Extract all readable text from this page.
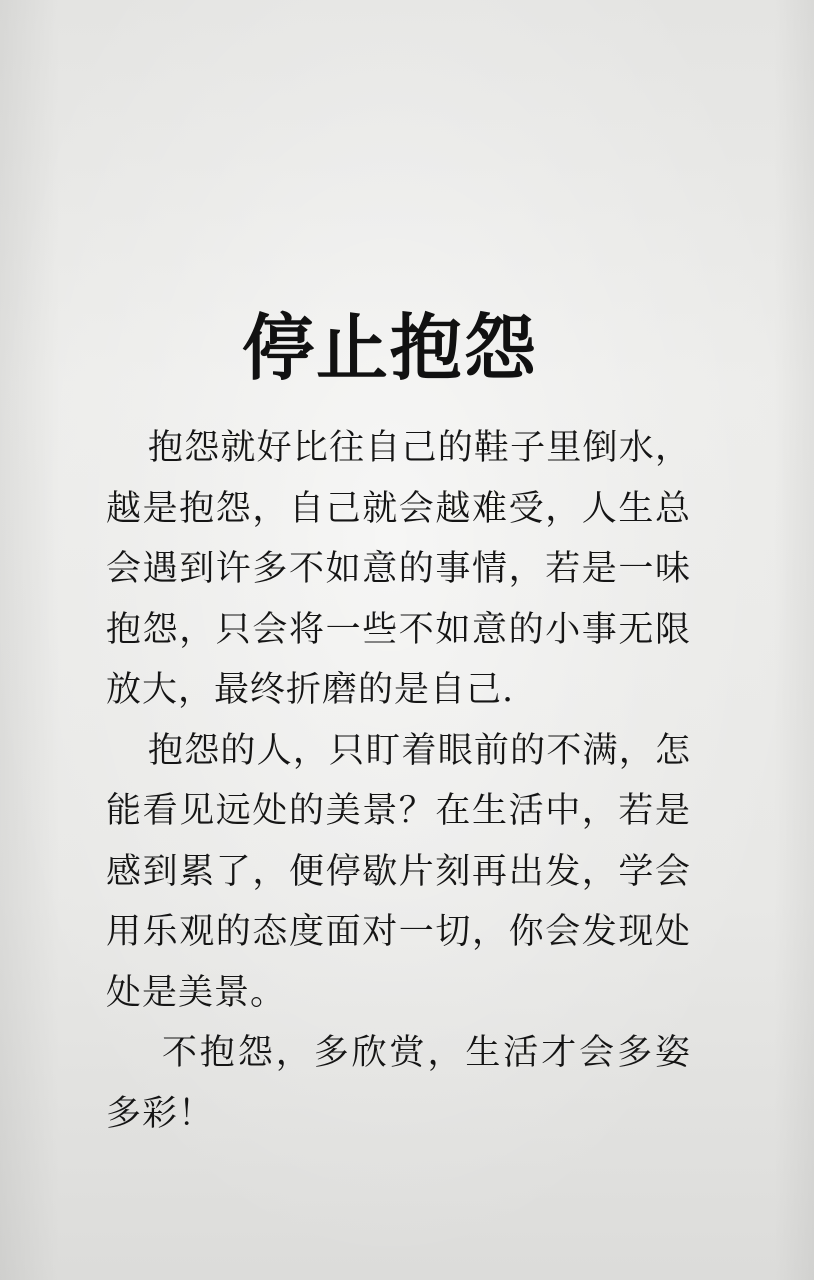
停止抱怨

抱怨就好比往自己的鞋子里倒水，越是抱怨，自己就会越难受，人生总会遇到许多不如意的事情，若是一味抱怨，只会将一些不如意的小事无限放大，最终折磨的是自己.

抱怨的人，只盯着眼前的不满，怎能看见远处的美景？在生活中，若是感到累了，便停歇片刻再出发，学会用乐观的态度面对一切，你会发现处处是美景。

不抱怨，多欣赏，生活才会多姿多彩！
